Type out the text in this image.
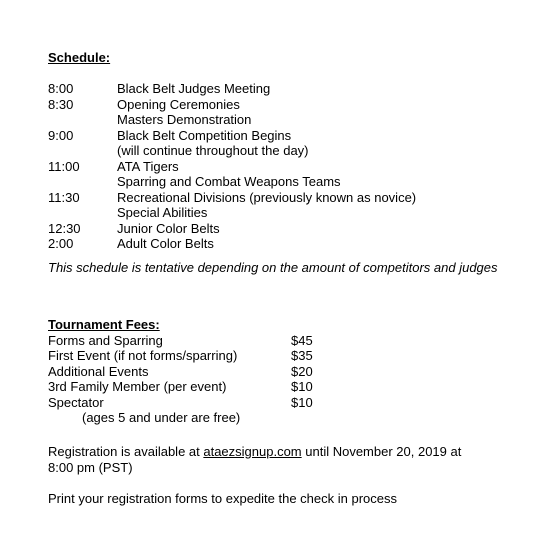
Schedule:
8:00	Black Belt Judges Meeting
8:30	Opening Ceremonies
Masters Demonstration
9:00	Black Belt Competition Begins
(will continue throughout the day)
11:00	ATA Tigers
Sparring and Combat Weapons Teams
11:30	Recreational Divisions (previously known as novice)
Special Abilities
12:30	Junior Color Belts
2:00	Adult Color Belts
This schedule is tentative depending on the amount of competitors and judges
Tournament Fees:
Forms and Sparring	$45
First Event (if not forms/sparring)	$35
Additional Events	$20
3rd Family Member (per event)	$10
Spectator	$10
(ages 5 and under are free)
Registration is available at ataezsignup.com until November 20, 2019 at 8:00 pm (PST)
Print your registration forms to expedite the check in process
